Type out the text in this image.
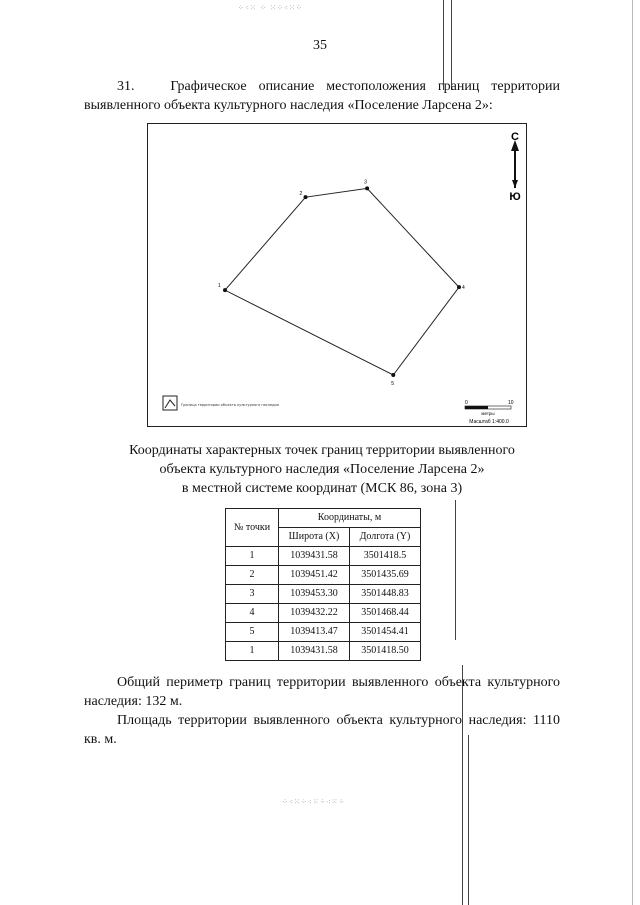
⁘⁖⁙ ⁘ ⁙⁘⁖⁙⁘
⁘⁖⁙⁘⁖⁙⁘⁖⁙⁘
35
31.	Графическое описание местоположения границ территории выявленного объекта культурного наследия «Поселение Ларсена 2»:
1
2
3
4
5
С
Ю
Граница территории объекта культурного наследия	0	10
метры
Масштаб 1:400.0
Координаты характерных точек границ территории выявленного
объекта культурного наследия «Поселение Ларсена 2»
в местной системе координат (МСК 86, зона 3)
№ точки	Координаты, м	
	Широта (X)	Долгота (Y)
1	1039431.58	3501418.5
2	1039451.42	3501435.69
3	1039453.30	3501448.83
4	1039432.22	3501468.44
5	1039413.47	3501454.41
1	1039431.58	3501418.50

Общий периметр границ территории выявленного объекта культурного наследия: 132 м.

Площадь территории выявленного объекта культурного наследия: 1110 кв. м.
